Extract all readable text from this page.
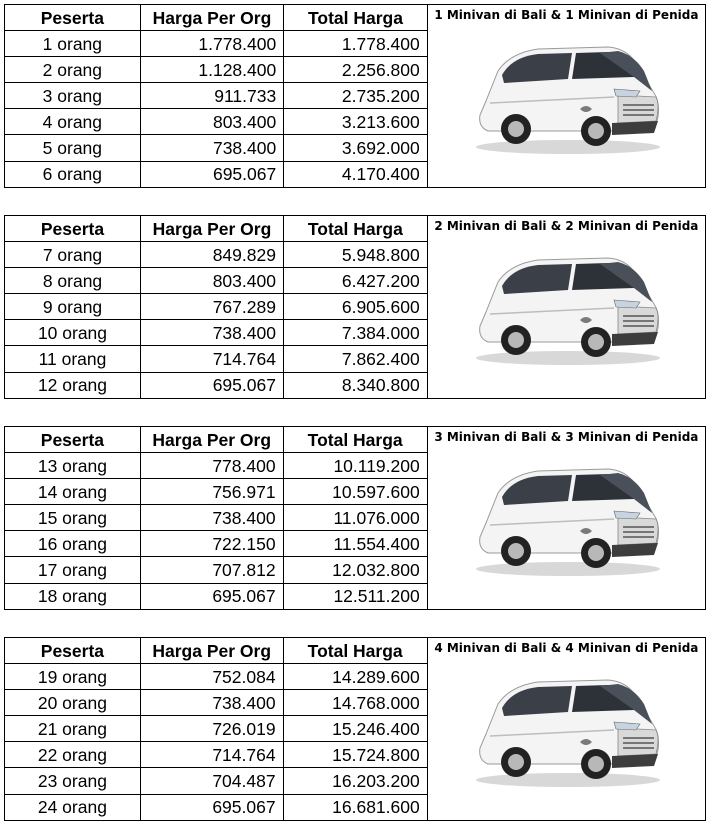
Peserta	Harga Per Org	Total Harga	1 Minivan di Bali & 1 Minivan di Penida

1 orang	1.778.400	1.778.400	
2 orang	1.128.400	2.256.800	
3 orang	911.733	2.735.200	
4 orang	803.400	3.213.600	
5 orang	738.400	3.692.000	
6 orang	695.067	4.170.400	
Peserta	Harga Per Org	Total Harga	2 Minivan di Bali & 2 Minivan di Penida

7 orang	849.829	5.948.800	
8 orang	803.400	6.427.200	
9 orang	767.289	6.905.600	
10 orang	738.400	7.384.000	
11 orang	714.764	7.862.400	
12 orang	695.067	8.340.800	
Peserta	Harga Per Org	Total Harga	3 Minivan di Bali & 3 Minivan di Penida

13 orang	778.400	10.119.200	
14 orang	756.971	10.597.600	
15 orang	738.400	11.076.000	
16 orang	722.150	11.554.400	
17 orang	707.812	12.032.800	
18 orang	695.067	12.511.200	
Peserta	Harga Per Org	Total Harga	4 Minivan di Bali & 4 Minivan di Penida

19 orang	752.084	14.289.600	
20 orang	738.400	14.768.000	
21 orang	726.019	15.246.400	
22 orang	714.764	15.724.800	
23 orang	704.487	16.203.200	
24 orang	695.067	16.681.600	
